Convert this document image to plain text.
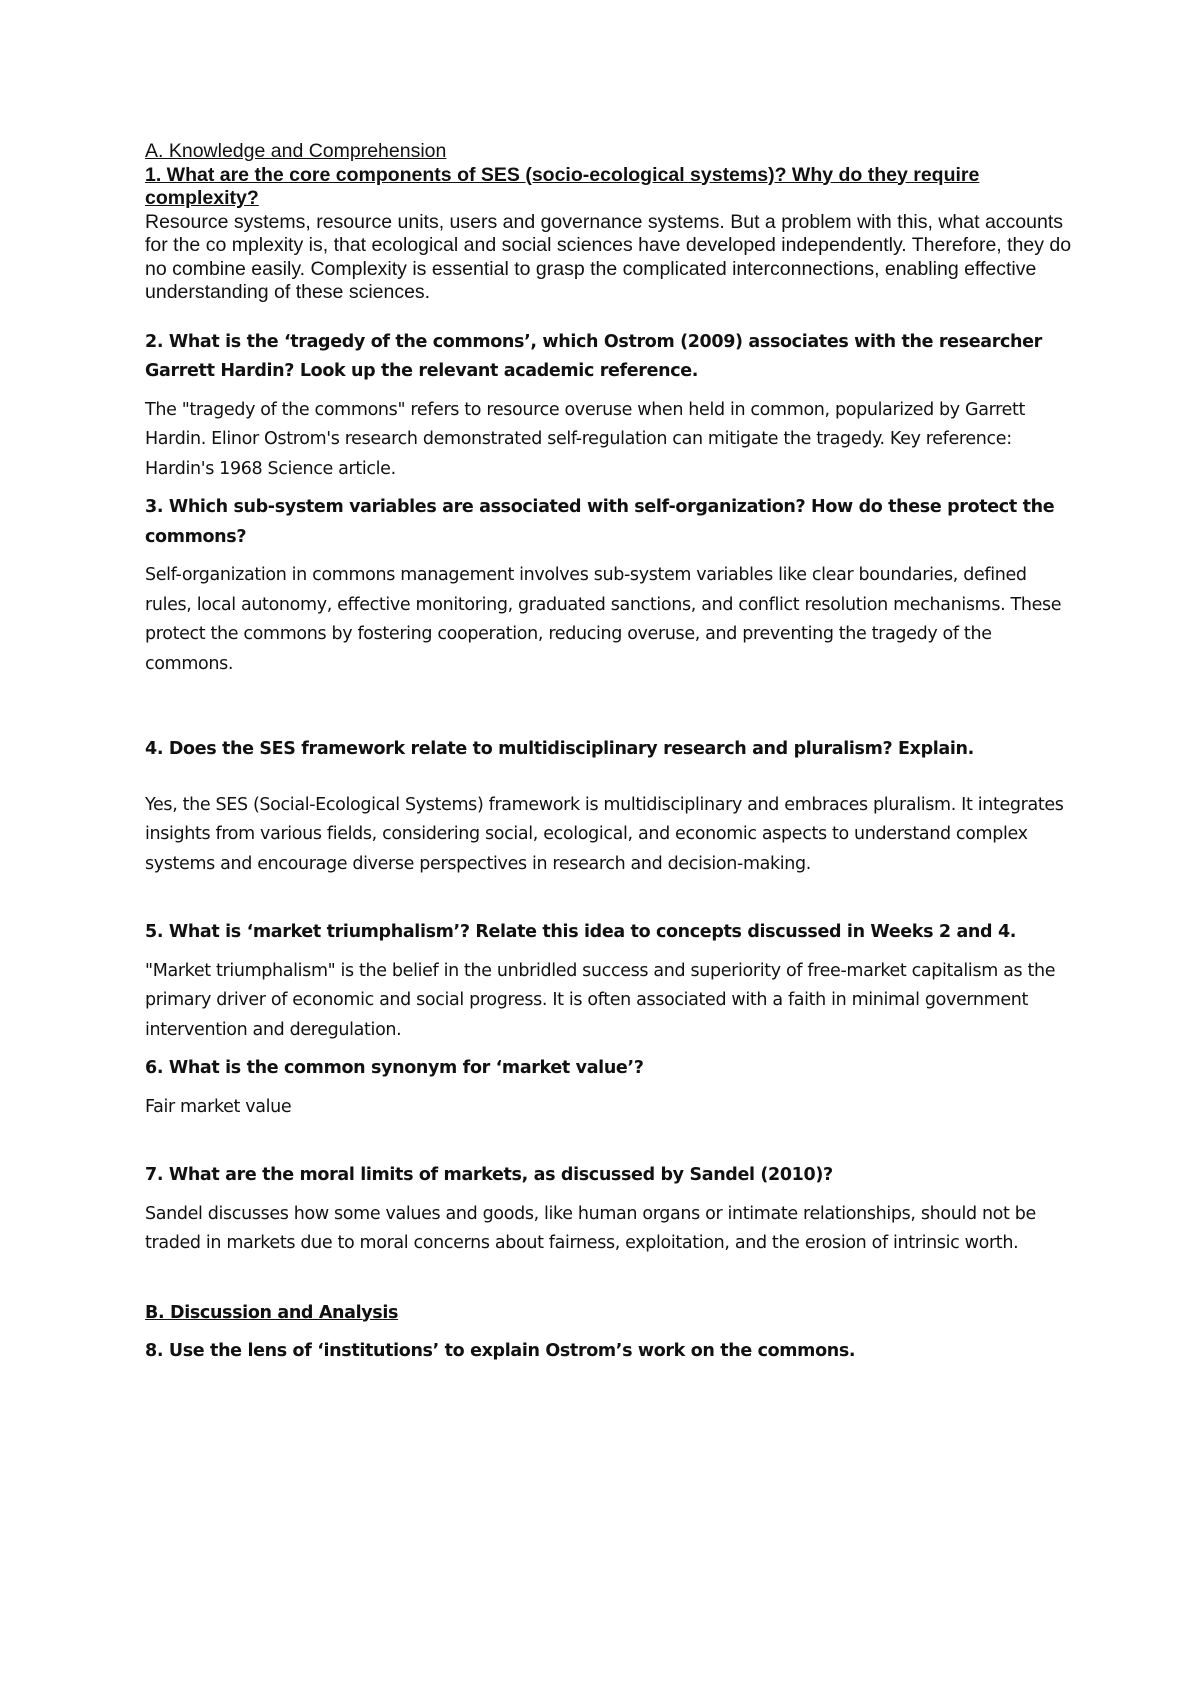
A. Knowledge and Comprehension

1. What are the core components of SES (socio-ecological systems)? Why do they require complexity?

Resource systems, resource units, users and governance systems. But a problem with this, what accounts for the co mplexity is, that ecological and social sciences have developed independently. Therefore, they do no combine easily. Complexity is essential to grasp the complicated interconnections, enabling effective understanding of these sciences.

2. What is the ‘tragedy of the commons’, which Ostrom (2009) associates with the researcher Garrett Hardin? Look up the relevant academic reference.

The "tragedy of the commons" refers to resource overuse when held in common, popularized by Garrett Hardin. Elinor Ostrom's research demonstrated self-regulation can mitigate the tragedy. Key reference: Hardin's 1968 Science article.

3. Which sub-system variables are associated with self-organization? How do these protect the commons?

Self-organization in commons management involves sub-system variables like clear boundaries, defined rules, local autonomy, effective monitoring, graduated sanctions, and conflict resolution mechanisms. These protect the commons by fostering cooperation, reducing overuse, and preventing the tragedy of the commons.

4. Does the SES framework relate to multidisciplinary research and pluralism? Explain.

Yes, the SES (Social-Ecological Systems) framework is multidisciplinary and embraces pluralism. It integrates insights from various fields, considering social, ecological, and economic aspects to understand complex systems and encourage diverse perspectives in research and decision-making.

5. What is ‘market triumphalism’? Relate this idea to concepts discussed in Weeks 2 and 4.

"Market triumphalism" is the belief in the unbridled success and superiority of free-market capitalism as the primary driver of economic and social progress. It is often associated with a faith in minimal government intervention and deregulation.

6. What is the common synonym for ‘market value’?

Fair market value

7. What are the moral limits of markets, as discussed by Sandel (2010)?

Sandel discusses how some values and goods, like human organs or intimate relationships, should not be traded in markets due to moral concerns about fairness, exploitation, and the erosion of intrinsic worth.

B. Discussion and Analysis

8. Use the lens of ‘institutions’ to explain Ostrom’s work on the commons.
